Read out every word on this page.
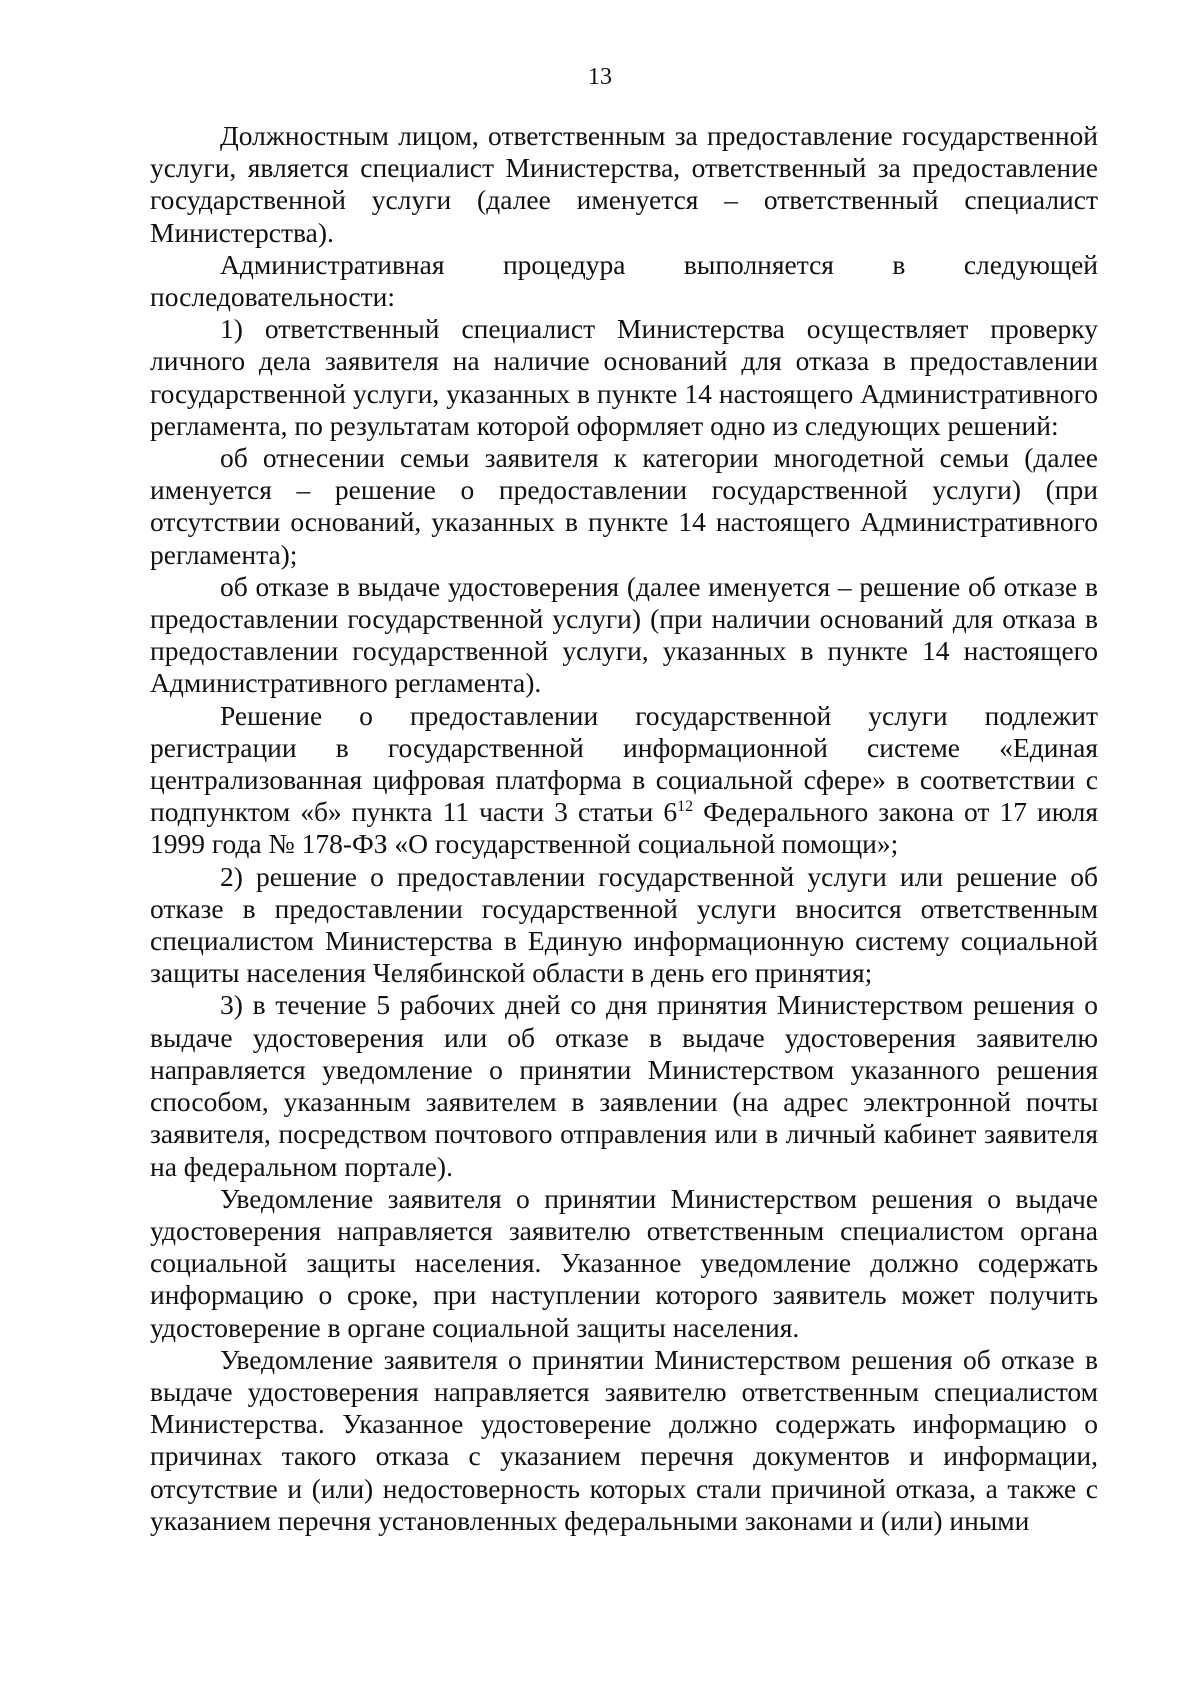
13

Должностным лицом, ответственным за предоставление государственной услуги, является специалист Министерства, ответственный за предоставление государственной услуги (далее именуется – ответственный специалист Министерства).

Административная процедура выполняется в следующей последовательности:

1) ответственный специалист Министерства осуществляет проверку личного дела заявителя на наличие оснований для отказа в предоставлении государственной услуги, указанных в пункте 14 настоящего Административного регламента, по результатам которой оформляет одно из следующих решений:

об отнесении семьи заявителя к категории многодетной семьи (далее именуется – решение о предоставлении государственной услуги) (при отсутствии оснований, указанных в пункте 14 настоящего Административного регламента);

об отказе в выдаче удостоверения (далее именуется – решение об отказе в предоставлении государственной услуги) (при наличии оснований для отказа в предоставлении государственной услуги, указанных в пункте 14 настоящего Административного регламента).

Решение о предоставлении государственной услуги подлежит регистрации в государственной информационной системе «Единая централизованная цифровая платформа в социальной сфере» в соответствии с подпунктом «б» пункта 11 части 3 статьи $6^{12}$ Федерального закона от 17 июля 1999 года № 178-ФЗ «О государственной социальной помощи»;

2) решение о предоставлении государственной услуги или решение об отказе в предоставлении государственной услуги вносится ответственным специалистом Министерства в Единую информационную систему социальной защиты населения Челябинской области в день его принятия;

3) в течение 5 рабочих дней со дня принятия Министерством решения о выдаче удостоверения или об отказе в выдаче удостоверения заявителю направляется уведомление о принятии Министерством указанного решения способом, указанным заявителем в заявлении (на адрес электронной почты заявителя, посредством почтового отправления или в личный кабинет заявителя на федеральном портале).

Уведомление заявителя о принятии Министерством решения о выдаче удостоверения направляется заявителю ответственным специалистом органа социальной защиты населения. Указанное уведомление должно содержать информацию о сроке, при наступлении которого заявитель может получить удостоверение в органе социальной защиты населения.

Уведомление заявителя о принятии Министерством решения об отказе в выдаче удостоверения направляется заявителю ответственным специалистом Министерства. Указанное удостоверение должно содержать информацию о причинах такого отказа с указанием перечня документов и информации, отсутствие и (или) недостоверность которых стали причиной отказа, а также с указанием перечня установленных федеральными законами и (или) иными
